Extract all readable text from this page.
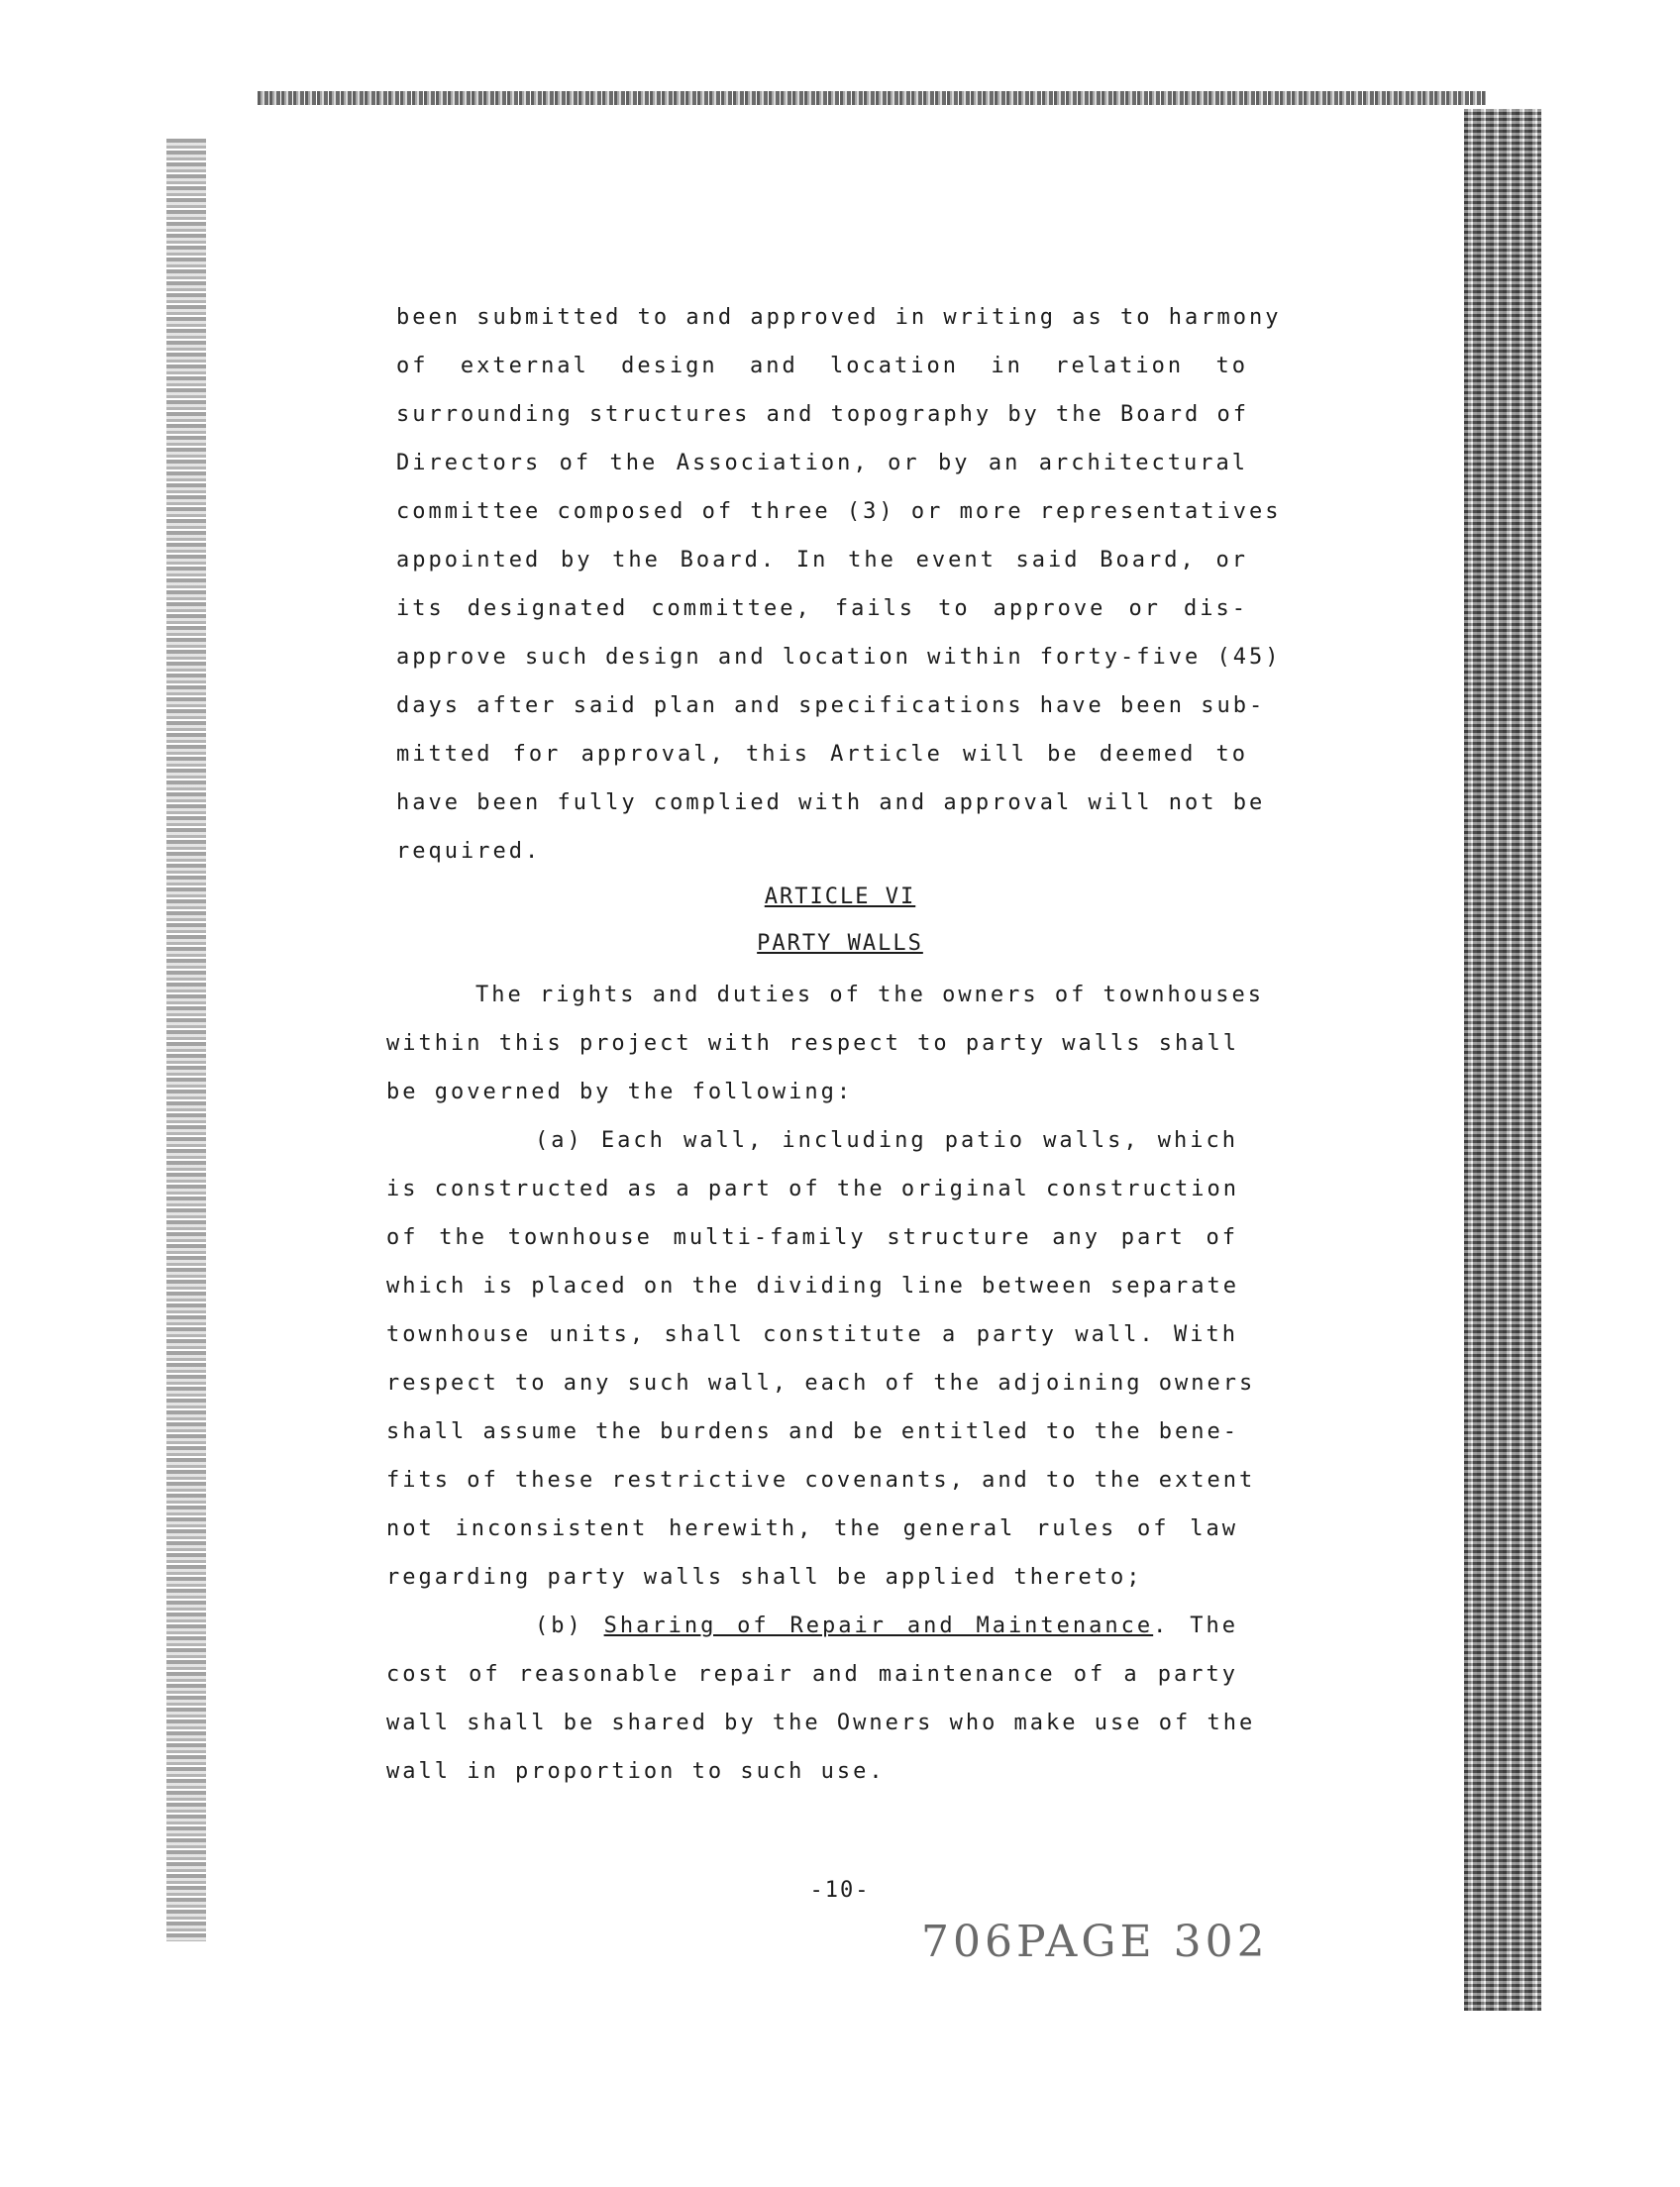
been submitted to and approved in writing as to harmony
of external design and location in relation to
surrounding structures and topography by the Board of
Directors of the Association, or by an architectural
committee composed of three (3) or more representatives
appointed by the Board. In the event said Board, or
its designated committee, fails to approve or dis-
approve such design and location within forty-five (45)
days after said plan and specifications have been sub-
mitted for approval, this Article will be deemed to
have been fully complied with and approval will not be
required.
ARTICLE VI
PARTY WALLS
The rights and duties of the owners of townhouses
within this project with respect to party walls shall
be governed by the following:
(a) Each wall, including patio walls, which
is constructed as a part of the original construction
of the townhouse multi-family structure any part of
which is placed on the dividing line between separate
townhouse units, shall constitute a party wall. With
respect to any such wall, each of the adjoining owners
shall assume the burdens and be entitled to the bene-
fits of these restrictive covenants, and to the extent
not inconsistent herewith, the general rules of law
regarding party walls shall be applied thereto;
(b) Sharing of Repair and Maintenance. The
cost of reasonable repair and maintenance of a party
wall shall be shared by the Owners who make use of the
wall in proportion to such use.
-10-
706PAGE 302
